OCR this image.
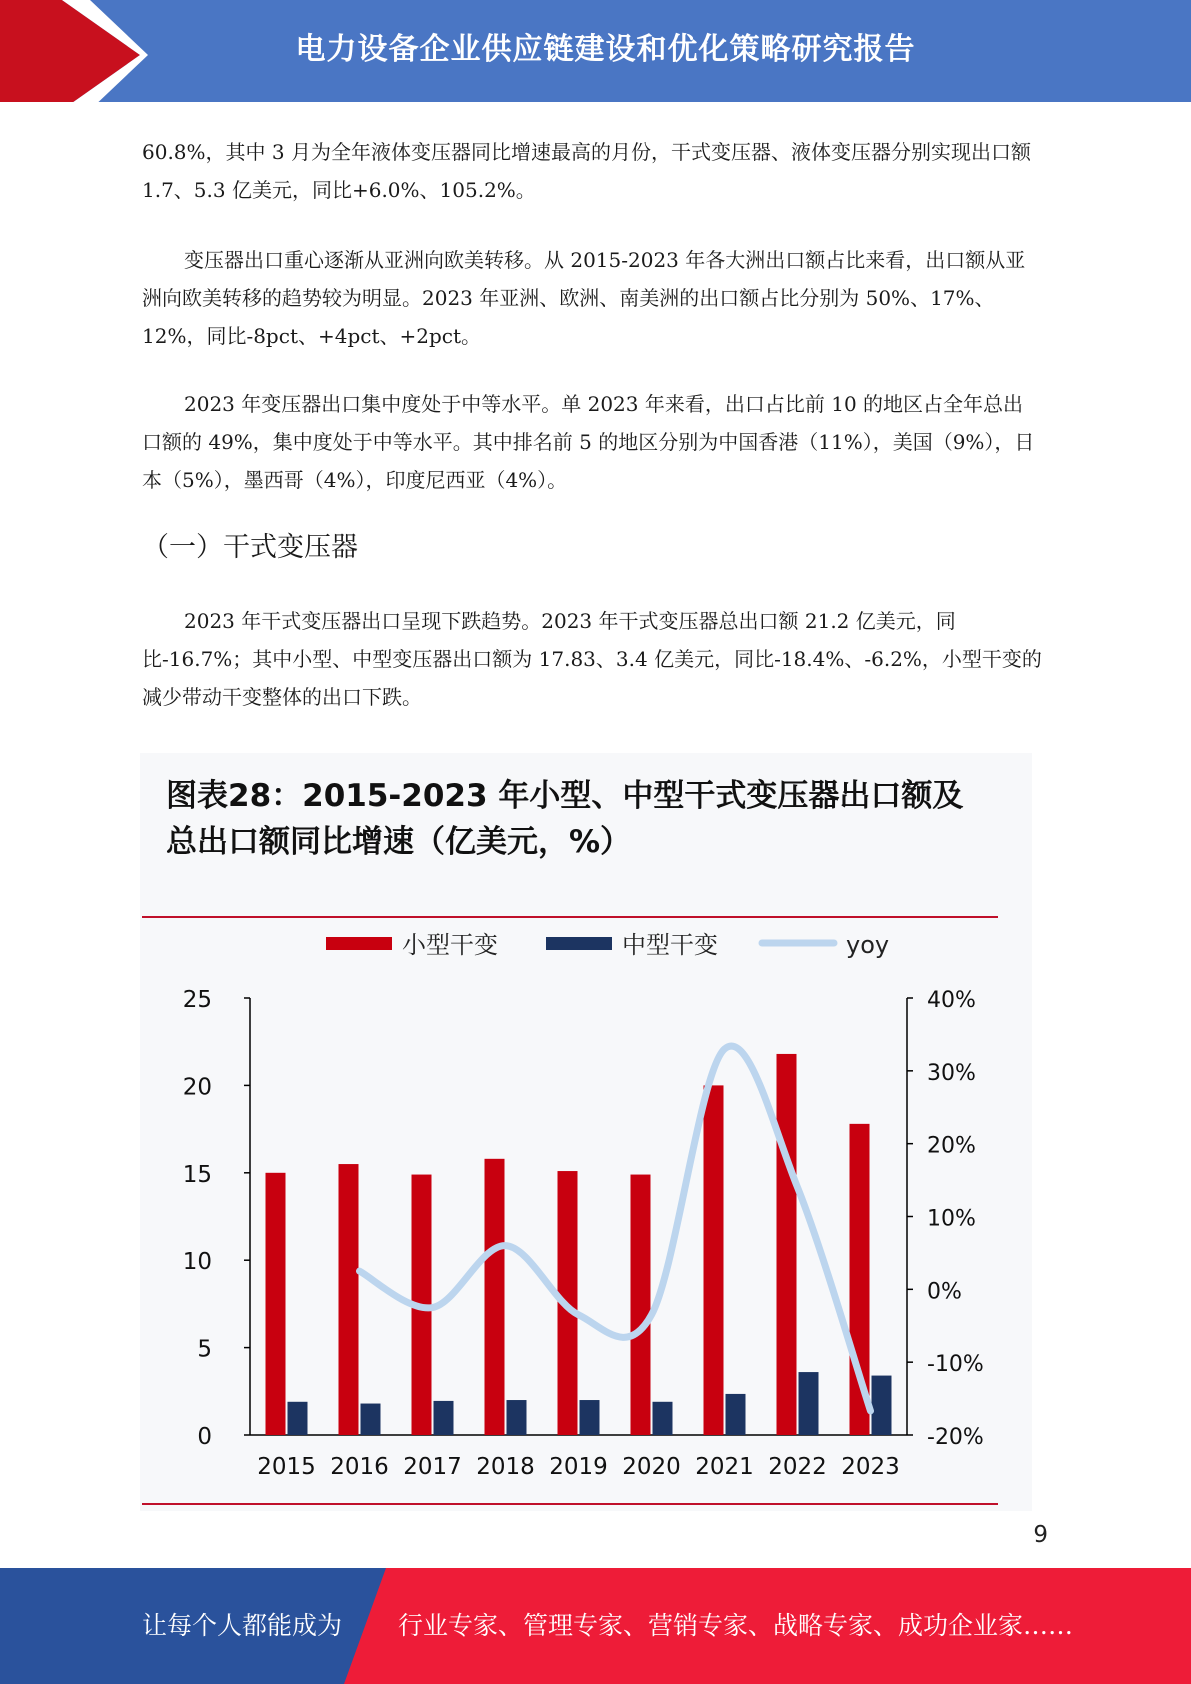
电力设备企业供应链建设和优化策略研究报告

60.8%，其中 3 月为全年液体变压器同比增速最高的月份，干式变压器、液体变压器分别实现出口额 1.7、5.3 亿美元，同比+6.0%、105.2%。

变压器出口重心逐渐从亚洲向欧美转移。从 2015-2023 年各大洲出口额占比来看，出口额从亚洲向欧美转移的趋势较为明显。2023 年亚洲、欧洲、南美洲的出口额占比分别为 50%、17%、12%，同比-8pct、+4pct、+2pct。

2023 年变压器出口集中度处于中等水平。单 2023 年来看，出口占比前 10 的地区占全年总出口额的 49%，集中度处于中等水平。其中排名前 5 的地区分别为中国香港（11%），美国（9%），日本（5%），墨西哥（4%），印度尼西亚（4%）。

（一）干式变压器

2023 年干式变压器出口呈现下跌趋势。2023 年干式变压器总出口额 21.2 亿美元，同比-16.7%；其中小型、中型变压器出口额为 17.83、3.4 亿美元，同比-18.4%、-6.2%，小型干变的减少带动干变整体的出口下跌。

图表28：2015-2023 年小型、中型干式变压器出口额及总出口额同比增速（亿美元，%）
小型干变	中型干变	yoy
0
5
10
15
20
25
-20%
-10%
0%
10%
20%
30%
40%
2015 2016 2017 2018 2019 2020 2021 2022 2023
9
让每个人都能成为 行业专家、管理专家、营销专家、战略专家、成功企业家……
